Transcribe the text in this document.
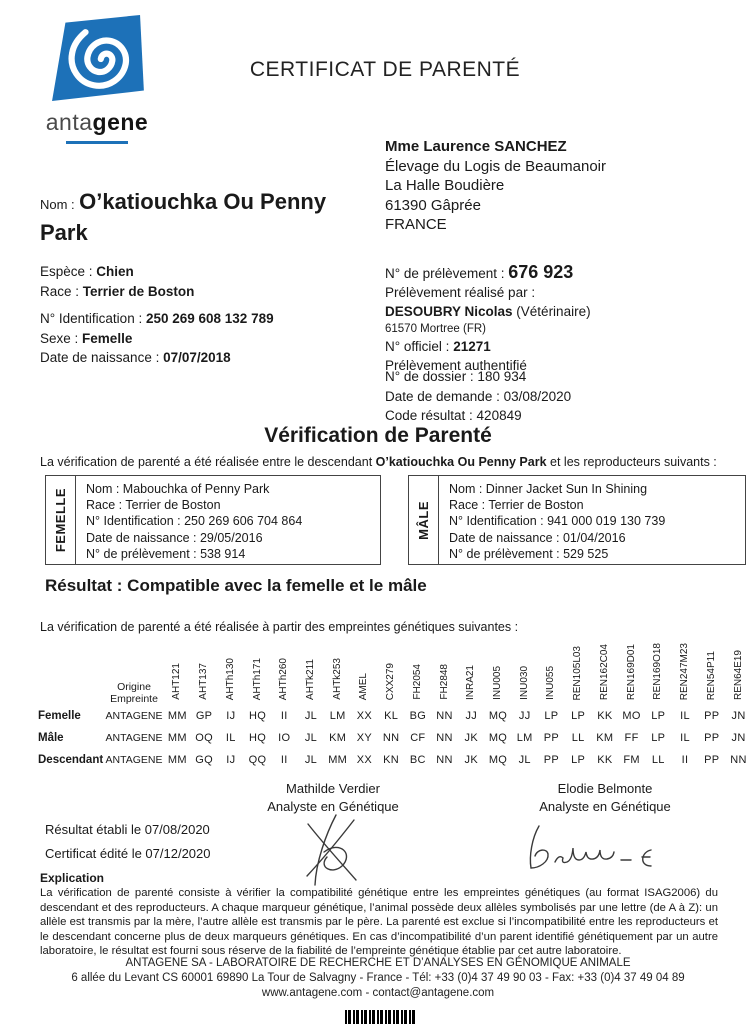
antagene
CERTIFICAT DE PARENTÉ
Mme Laurence SANCHEZ
Élevage du Logis de Beaumanoir
La Halle Boudière
61390 Gâprée
FRANCE
Nom : O’katiouchka Ou Penny Park
Espèce : Chien
Race : Terrier de Boston
N° Identification : 250 269 608 132 789
Sexe : Femelle
Date de naissance : 07/07/2018
N° de prélèvement : 676 923
Prélèvement réalisé par :
DESOUBRY Nicolas (Vétérinaire)
61570 Mortree (FR)
N° officiel : 21271
Prélèvement authentifié
N° de dossier : 180 934
Date de demande : 03/08/2020
Code résultat : 420849
Vérification de Parenté
La vérification de parenté a été réalisée entre le descendant O’katiouchka Ou Penny Park et les reproducteurs suivants :
FEMELLE Nom : Mabouchka of Penny Park
Race : Terrier de Boston
N° Identification : 250 269 606 704 864
Date de naissance : 29/05/2016
N° de prélèvement : 538 914
MÂLE
Nom : Dinner Jacket Sun In Shining
Race : Terrier de Boston
N° Identification : 941 000 019 130 739
Date de naissance : 01/04/2016
N° de prélèvement : 529 525
Résultat : Compatible avec la femelle et le mâle
La vérification de parenté a été réalisée à partir des empreintes génétiques suivantes :
	Origine
Empreinte	AHT121	AHT137	AHTh130	AHTh171	AHTh260	AHTk211	AHTk253	AMEL	CXX279	FH2054	FH2848	INRA21	INU005	INU030	INU055	REN105L03	REN162C04	REN169D01	REN169O18	REN247M23	REN54P11	REN64E19
Femelle	ANTAGENE	MM	GP	IJ	HQ	II	JL	LM	XX	KL	BG	NN	JJ	MQ	JJ	LP	LP	KK	MO	LP	IL	PP	JN
Mâle	ANTAGENE	MM	OQ	IL	HQ	IO	JL	KM	XY	NN	CF	NN	JK	MQ	LM	PP	LL	KM	FF	LP	IL	PP	JN
Descendant	ANTAGENE	MM	GQ	IJ	QQ	II	JL	MM	XX	KN	BC	NN	JK	MQ	JL	PP	LP	KK	FM	LL	II	PP	NN
Mathilde Verdier
Analyste en Génétique
Elodie Belmonte
Analyste en Génétique
Résultat établi le 07/08/2020
Certificat édité le 07/12/2020
Explication

La vérification de parenté consiste à vérifier la compatibilité génétique entre les empreintes génétiques (au format ISAG2006) du descendant et des reproducteurs. A chaque marqueur génétique, l’animal possède deux allèles symbolisés par une lettre (de A à Z): un allèle est transmis par la mère, l’autre allèle est transmis par le père. La parenté est exclue si l’incompatibilité entre les reproducteurs et le descendant concerne plus de deux marqueurs génétiques. En cas d’incompatibilité d’un parent identifié génétiquement par un autre laboratoire, le résultat est fourni sous réserve de la fiabilité de l’empreinte génétique établie par cet autre laboratoire.

ANTAGENE SA - LABORATOIRE DE RECHERCHE ET D’ANALYSES EN GÉNOMIQUE ANIMALE
6 allée du Levant CS 60001 69890 La Tour de Salvagny - France - Tél: +33 (0)4 37 49 90 03 - Fax: +33 (0)4 37 49 04 89
www.antagene.com - contact@antagene.com
